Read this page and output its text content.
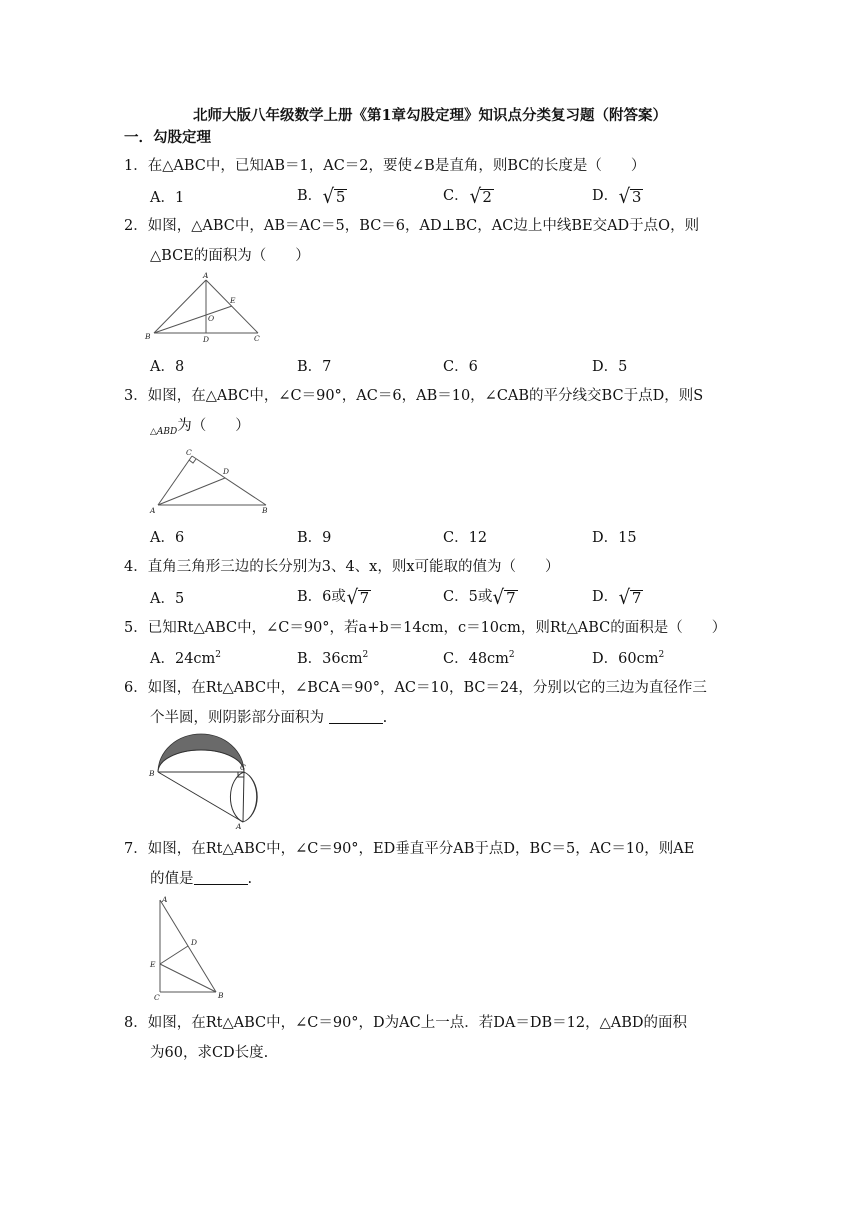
北师大版八年级数学上册《第1章勾股定理》知识点分类复习题（附答案）
一．勾股定理
1．在△ABC中，已知AB＝1，AC＝2，要使∠B是直角，则BC的长度是（　　）
A．1	B． √ 5	C． √ 2	D． √ 3
2．如图，△ABC中，AB＝AC＝5，BC＝6，AD⊥BC，AC边上中线BE交AD于点O，则
△BCE的面积为（　　）
A
B	C
D
E
O
A．8	B．7	C．6	D．5
3．如图，在△ABC中，∠C＝90°，AC＝6，AB＝10，∠CAB的平分线交BC于点D，则S
$_{\triangle ABD}$为（　　）
C
A	B
D
A．6	B．9	C．12	D．15
4．直角三角形三边的长分别为3、4、x，则x可能取的值为（　　）
A．5	B．6或 √ 7	C．5或 √ 7	D． √ 7
5．已知Rt△ABC中，∠C＝90°，若a+b＝14cm，c＝10cm，则Rt△ABC的面积是（　　）
A．$24cm^2$	B．$36cm^2$	C．$48cm^2$	D．$60cm^2$
6．如图，在Rt△ABC中，∠BCA＝90°，AC＝10，BC＝24，分别以它的三边为直径作三
个半圆，则阴影部分面积为	.
B
C
A
7．如图，在Rt△ABC中，∠C＝90°，ED垂直平分AB于点D，BC＝5，AC＝10，则AE
的值是	.
A
D
E
C	B
8．如图，在Rt△ABC中，∠C＝90°，D为AC上一点．若DA＝DB＝12，△ABD的面积
为60，求CD长度.
